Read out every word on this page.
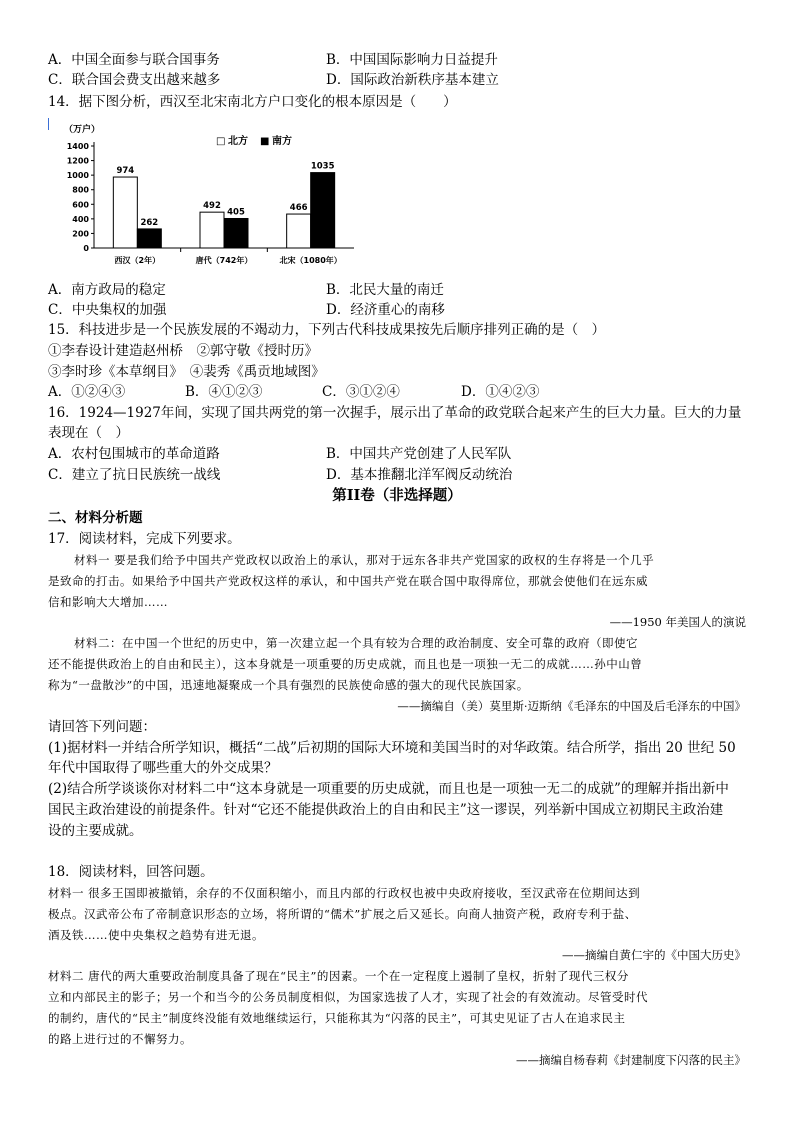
A．中国全面参与联合国事务	B．中国国际影响力日益提升
C．联合国会费支出越来越多	D．国际政治新秩序基本建立
14．据下图分析，西汉至北宋南北方户口变化的根本原因是（　　）
0
200
400
600
800
1000
1200
1400
（万户）
974
262
西汉（2年）
492
405
唐代（742年）
466
1035
北宋（1080年）
□ 北方 ■ 南方
A．南方政局的稳定	B．北民大量的南迁
C．中央集权的加强	D．经济重心的南移
15．科技进步是一个民族发展的不竭动力，下列古代科技成果按先后顺序排列正确的是（　）
①李春设计建造赵州桥　②郭守敬《授时历》
③李时珍《本草纲目》　④裴秀《禹贡地域图》
A．①②④③	B．④①②③	C．③①②④	D．①④②③
16．1924—1927年间，实现了国共两党的第一次握手，展示出了革命的政党联合起来产生的巨大力量。巨大的力量
表现在（　）
A．农村包围城市的革命道路	B．中国共产党创建了人民军队
C．建立了抗日民族统一战线	D．基本推翻北洋军阀反动统治
第II卷（非选择题）
二、材料分析题
17．阅读材料，完成下列要求。
材料一 要是我们给予中国共产党政权以政治上的承认，那对于远东各非共产党国家的政权的生存将是一个几乎
是致命的打击。如果给予中国共产党政权这样的承认，和中国共产党在联合国中取得席位，那就会使他们在远东威
信和影响大大增加……
——1950 年美国人的演说
材料二：在中国一个世纪的历史中，第一次建立起一个具有较为合理的政治制度、安全可靠的政府（即使它
还不能提供政治上的自由和民主），这本身就是一项重要的历史成就，而且也是一项独一无二的成就……孙中山曾
称为“一盘散沙”的中国，迅速地凝聚成一个具有强烈的民族使命感的强大的现代民族国家。
——摘编自（美）莫里斯·迈斯纳《毛泽东的中国及后毛泽东的中国》
请回答下列问题：
(1)据材料一并结合所学知识，概括“二战”后初期的国际大环境和美国当时的对华政策。结合所学，指出 20 世纪 50
年代中国取得了哪些重大的外交成果？
(2)结合所学谈谈你对材料二中“这本身就是一项重要的历史成就，而且也是一项独一无二的成就”的理解并指出新中
国民主政治建设的前提条件。针对“它还不能提供政治上的自由和民主”这一谬误，列举新中国成立初期民主政治建
设的主要成就。
18．阅读材料，回答问题。
材料一 很多王国即被撤销，余存的不仅面积缩小，而且内部的行政权也被中央政府接收，至汉武帝在位期间达到
极点。汉武帝公布了帝制意识形态的立场，将所谓的“儒术”扩展之后又延长。向商人抽资产税，政府专利于盐、
酒及铁……使中央集权之趋势有进无退。
——摘编自黄仁宇的《中国大历史》
材料二 唐代的两大重要政治制度具备了现在“民主”的因素。一个在一定程度上遏制了皇权，折射了现代三权分
立和内部民主的影子；另一个和当今的公务员制度相似，为国家选拔了人才，实现了社会的有效流动。尽管受时代
的制约，唐代的“民主”制度终没能有效地继续运行，只能称其为“闪落的民主”，可其史见证了古人在追求民主
的路上进行过的不懈努力。
——摘编自杨春莉《封建制度下闪落的民主》
